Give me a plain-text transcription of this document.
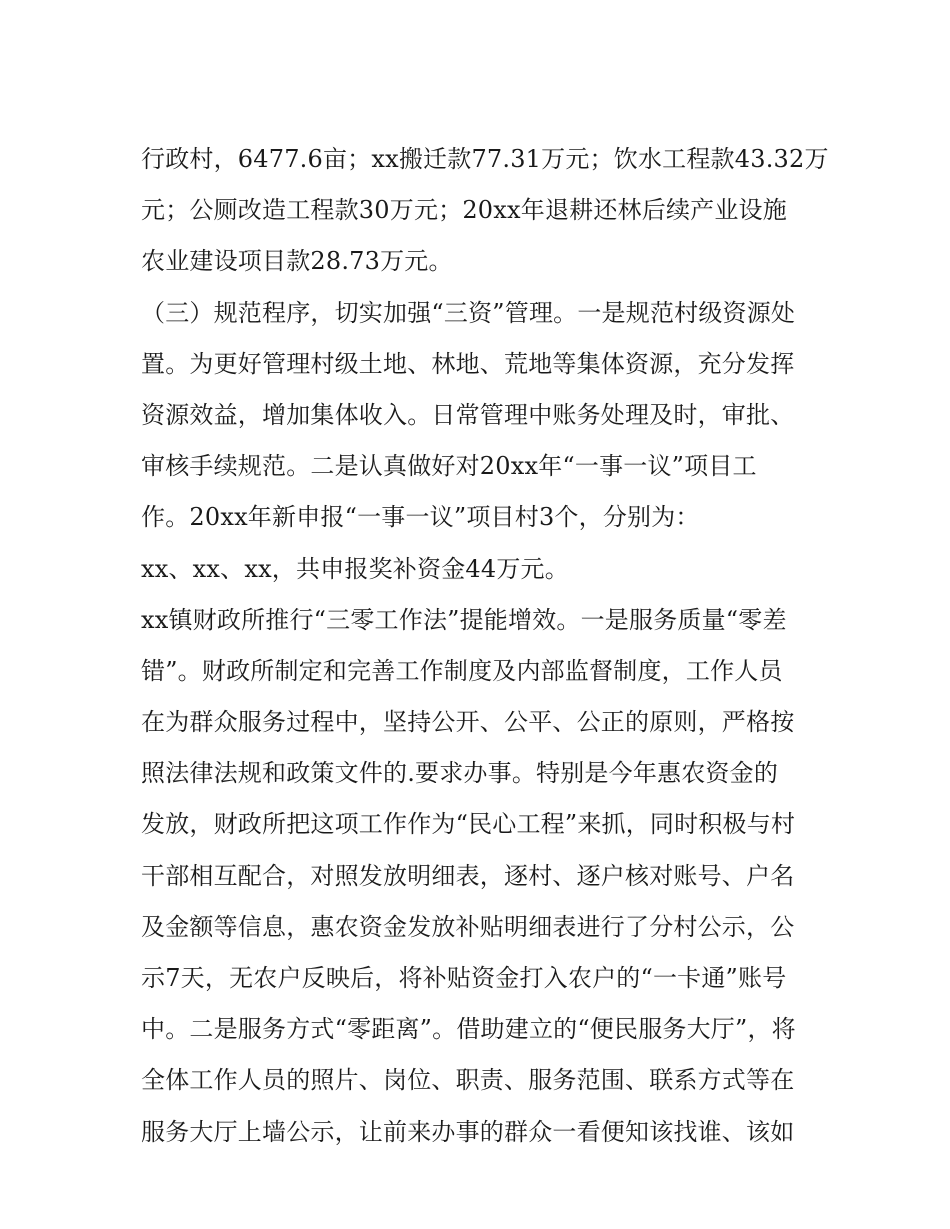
行政村，6477.6亩；xx搬迁款77.31万元；饮水工程款43.32万
元；公厕改造工程款30万元；20xx年退耕还林后续产业设施
农业建设项目款28.73万元。
（三）规范程序，切实加强“三资”管理。一是规范村级资源处
置。为更好管理村级土地、林地、荒地等集体资源，充分发挥
资源效益，增加集体收入。日常管理中账务处理及时，审批、
审核手续规范。二是认真做好对20xx年“一事一议”项目工
作。20xx年新申报“一事一议”项目村3个，分别为：
xx、xx、xx，共申报奖补资金44万元。
xx镇财政所推行“三零工作法”提能增效。一是服务质量“零差
错”。财政所制定和完善工作制度及内部监督制度，工作人员
在为群众服务过程中，坚持公开、公平、公正的原则，严格按
照法律法规和政策文件的.要求办事。特别是今年惠农资金的
发放，财政所把这项工作作为“民心工程”来抓，同时积极与村
干部相互配合，对照发放明细表，逐村、逐户核对账号、户名
及金额等信息，惠农资金发放补贴明细表进行了分村公示，公
示7天，无农户反映后，将补贴资金打入农户的“一卡通”账号
中。二是服务方式“零距离”。借助建立的“便民服务大厅”，将
全体工作人员的照片、岗位、职责、服务范围、联系方式等在
服务大厅上墙公示，让前来办事的群众一看便知该找谁、该如
